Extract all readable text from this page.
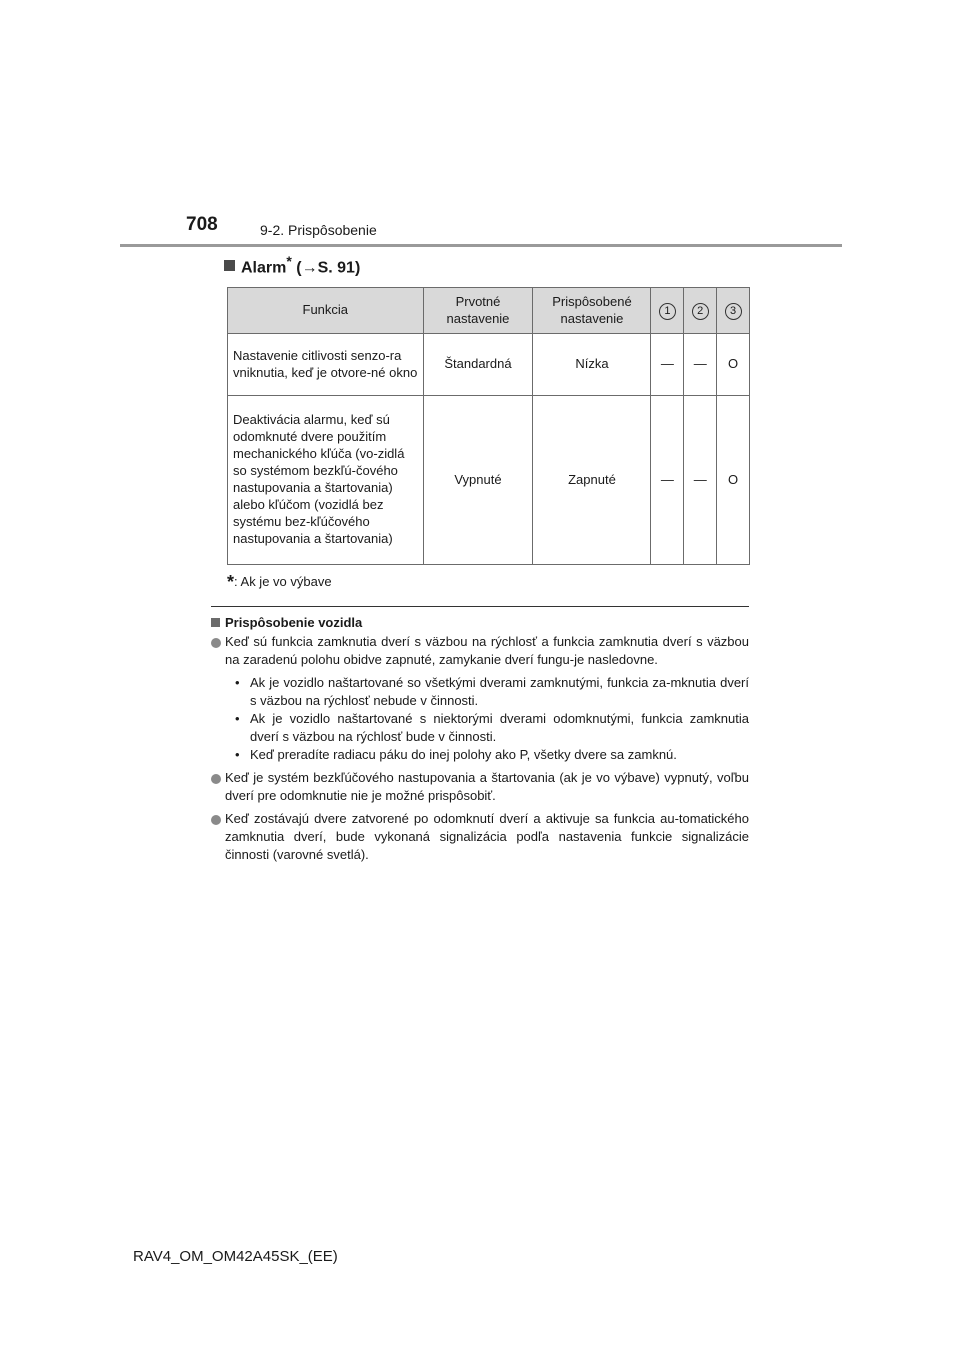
708	9-2. Prispôsobenie
Alarm* (→S. 91)
Funkcia	Prvotné nastavenie	Prispôsobené nastavenie	1	2	3
Nastavenie citlivosti senzo-ra vniknutia, keď je otvore-né okno	Štandardná	Nízka	—	—	O
Deaktivácia alarmu, keď sú odomknuté dvere použitím mechanického kľúča (vo-zidlá so systémom bezkľú-čového nastupovania a štartovania) alebo kľúčom (vozidlá bez systému bez-kľúčového nastupovania a štartovania)	Vypnuté	Zapnuté	—	—	O
*: Ak je vo výbave
Prispôsobenie vozidla
Keď sú funkcia zamknutia dverí s väzbou na rýchlosť a funkcia zamknutia dverí s väzbou na zaradenú polohu obidve zapnuté, zamykanie dverí fungu-je nasledovne.
• Ak je vozidlo naštartované so všetkými dverami zamknutými, funkcia za-mknutia dverí s väzbou na rýchlosť nebude v činnosti.
• Ak je vozidlo naštartované s niektorými dverami odomknutými, funkcia zamknutia dverí s väzbou na rýchlosť bude v činnosti.
• Keď preradíte radiacu páku do inej polohy ako P, všetky dvere sa zamknú.
Keď je systém bezkľúčového nastupovania a štartovania (ak je vo výbave) vypnutý, voľbu dverí pre odomknutie nie je možné prispôsobiť.
Keď zostávajú dvere zatvorené po odomknutí dverí a aktivuje sa funkcia au-tomatického zamknutia dverí, bude vykonaná signalizácia podľa nastavenia funkcie signalizácie činnosti (varovné svetlá).
RAV4_OM_OM42A45SK_(EE)
